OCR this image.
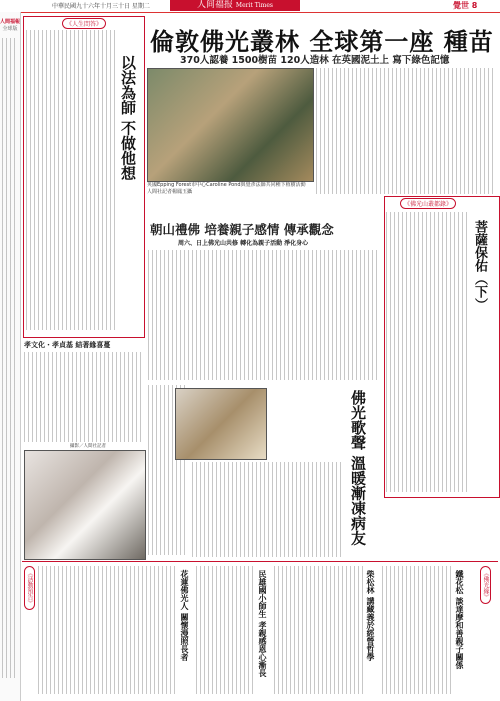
中華民國九十六年十月三十日 星期二	人间福报 Merit Times	覺世 8
人間福報
全球版	倫敦佛光叢林 全球第一座 種苗
370人認養 1500樹苗 120人造林 在英國泥土上 寫下綠色記憶
《人生問答》
以法為師 不做他想
英國Epping Forest市中心Caroline Pond與覺彥法師共同種下植樹活動 人間社記者楊鳳玉攝
朝山禮佛 培養親子感情 傳承觀念
周六、日上佛光山共修 轉化為親子活動 淨化身心
《佛光山叢都錄》
菩薩保佑（下）
孝文化・孝貞基 結著緣喜蔓
攝影／人間社記者	佛光歌聲 溫暖漸凍病友
《活動預告》	花蓮佛光人 關懷漫照長者	民雄國小師生 孝親感恩心漸長	柴松林 講藏義於經營哲學	鐵花松 談達摩和善親子關係	《佛光緣》
